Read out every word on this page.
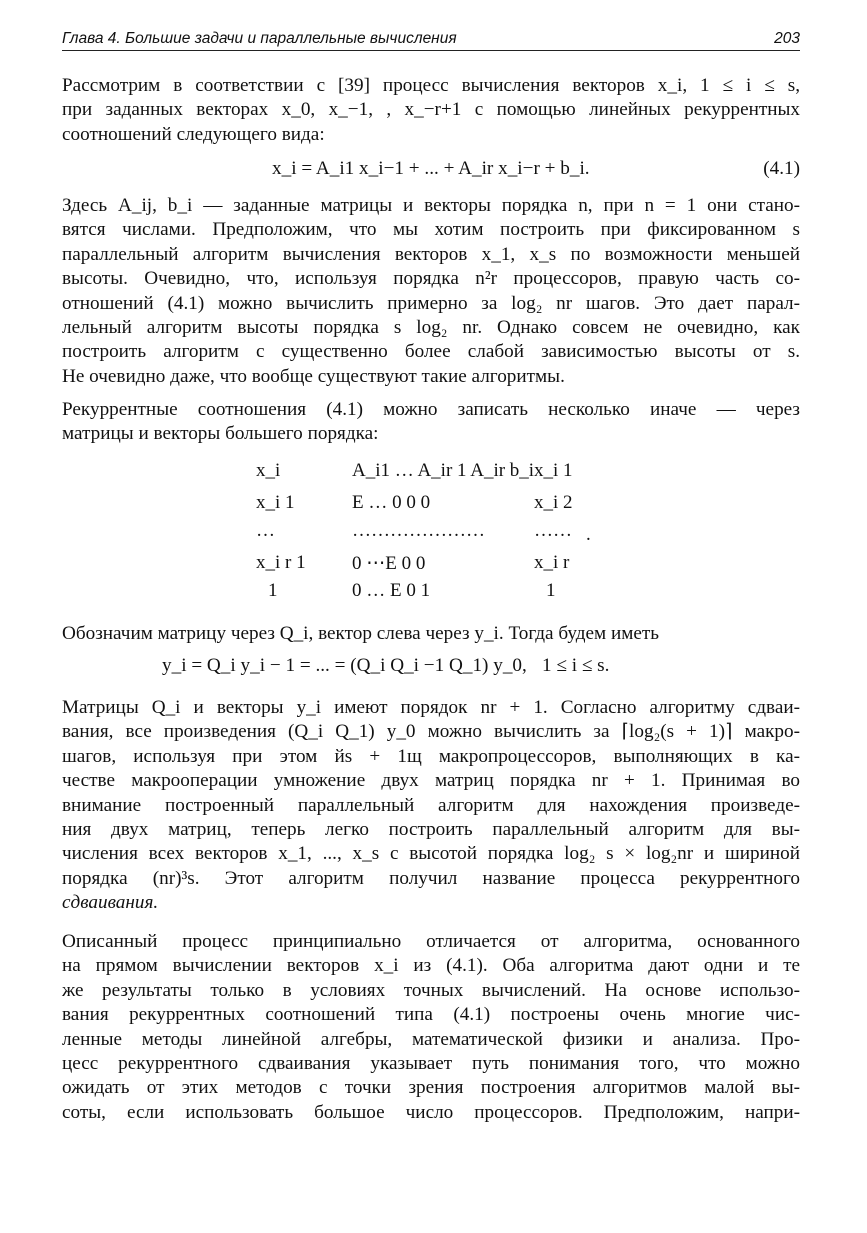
Глава 4. Большие задачи и параллельные вычисления	203
Рассмотрим в соответствии с [39] процесс вычисления векторов x_i, 1 ≤ i ≤ s,
при заданных векторах x_0, x_−1, , x_−r+1 с помощью линейных рекуррентных
соотношений следующего вида:
x_i = A_i1 x_i−1 + ... + A_ir x_i−r + b_i.	(4.1)
Здесь A_ij, b_i — заданные матрицы и векторы порядка n, при n = 1 они стано-
вятся числами. Предположим, что мы хотим построить при фиксированном s
параллельный алгоритм вычисления векторов x_1, x_s по возможности меньшей
высоты. Очевидно, что, используя порядка n²r процессоров, правую часть со-
отношений (4.1) можно вычислить примерно за log₂ nr шагов. Это дает парал-
лельный алгоритм высоты порядка s log₂ nr. Однако совсем не очевидно, как
построить алгоритм с существенно более слабой зависимостью высоты от s.
Не очевидно даже, что вообще существуют такие алгоритмы.
Рекуррентные соотношения (4.1) можно записать несколько иначе — через
матрицы и векторы большего порядка:
x_i
x_i 1
…
x_i r 1
1
A_i1 … A_ir 1 A_ir b_i
E … 0 0 0
…………………
0 ⋯E 0 0
0 … E 0 1
x_i 1
x_i 2
……
x_i r
1
.
Обозначим матрицу через Q_i, вектор слева через y_i. Тогда будем иметь
y_i = Q_i y_i − 1 = ... = (Q_i Q_i −1 Q_1) y_0, 1 ≤ i ≤ s.
Матрицы Q_i и векторы y_i имеют порядок nr + 1. Согласно алгоритму сдваи-
вания, все произведения (Q_i Q_1) y_0 можно вычислить за ⌈log₂(s + 1)⌉ макро-
шагов, используя при этом йs + 1щ макропроцессоров, выполняющих в ка-
честве макрооперации умножение двух матриц порядка nr + 1. Принимая во
внимание построенный параллельный алгоритм для нахождения произведе-
ния двух матриц, теперь легко построить параллельный алгоритм для вы-
числения всех векторов x_1, ..., x_s с высотой порядка log₂ s × log₂nr и шириной
порядка (nr)³s. Этот алгоритм получил название процесса рекуррентного
сдваивания.
Описанный процесс принципиально отличается от алгоритма, основанного
на прямом вычислении векторов x_i из (4.1). Оба алгоритма дают одни и те
же результаты только в условиях точных вычислений. На основе использо-
вания рекуррентных соотношений типа (4.1) построены очень многие чис-
ленные методы линейной алгебры, математической физики и анализа. Про-
цесс рекуррентного сдваивания указывает путь понимания того, что можно
ожидать от этих методов с точки зрения построения алгоритмов малой вы-
соты, если использовать большое число процессоров. Предположим, напри-
